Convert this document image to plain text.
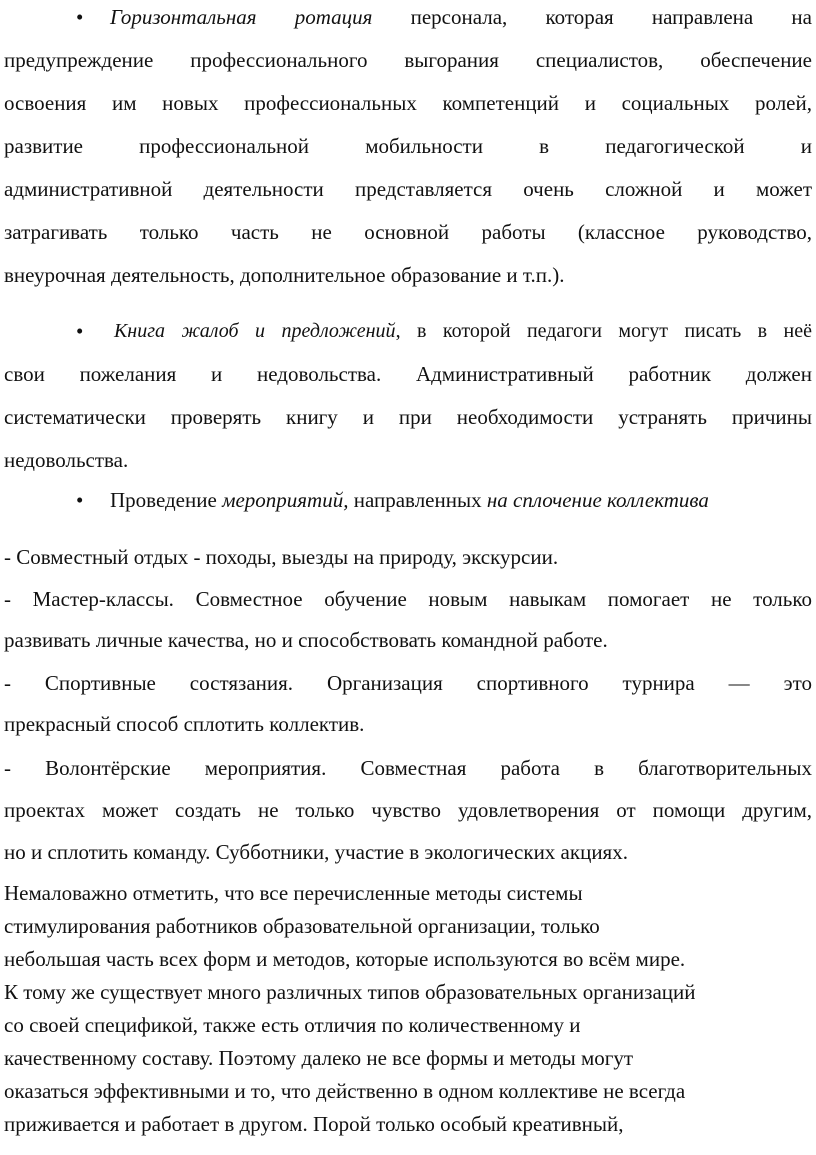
• Горизонтальная ротация персонала, которая направлена на
предупреждение профессионального выгорания специалистов, обеспечение
освоения им новых профессиональных компетенций и социальных ролей,
развитие профессиональной мобильности в педагогической и
административной деятельности представляется очень сложной и может
затрагивать только часть не основной работы (классное руководство,
внеурочная деятельность, дополнительное образование и т.п.).
• Книга жалоб и предложений, в которой педагоги могут писать в неё
свои пожелания и недовольства. Административный работник должен
систематически проверять книгу и при необходимости устранять причины
недовольства.
• Проведение мероприятий, направленных на сплочение коллектива
- Совместный отдых - походы, выезды на природу, экскурсии.
- Мастер-классы. Совместное обучение новым навыкам помогает не только
развивать личные качества, но и способствовать командной работе.
- Спортивные состязания. Организация спортивного турнира — это
прекрасный способ сплотить коллектив.
- Волонтёрские мероприятия. Совместная работа в благотворительных
проектах может создать не только чувство удовлетворения от помощи другим,
но и сплотить команду. Субботники, участие в экологических акциях.
Немаловажно отметить, что все перечисленные методы системы
стимулирования работников образовательной организации, только
небольшая часть всех форм и методов, которые используются во всём мире.
К тому же существует много различных типов образовательных организаций
со своей спецификой, также есть отличия по количественному и
качественному составу. Поэтому далеко не все формы и методы могут
оказаться эффективными и то, что действенно в одном коллективе не всегда
приживается и работает в другом. Порой только особый креативный,
